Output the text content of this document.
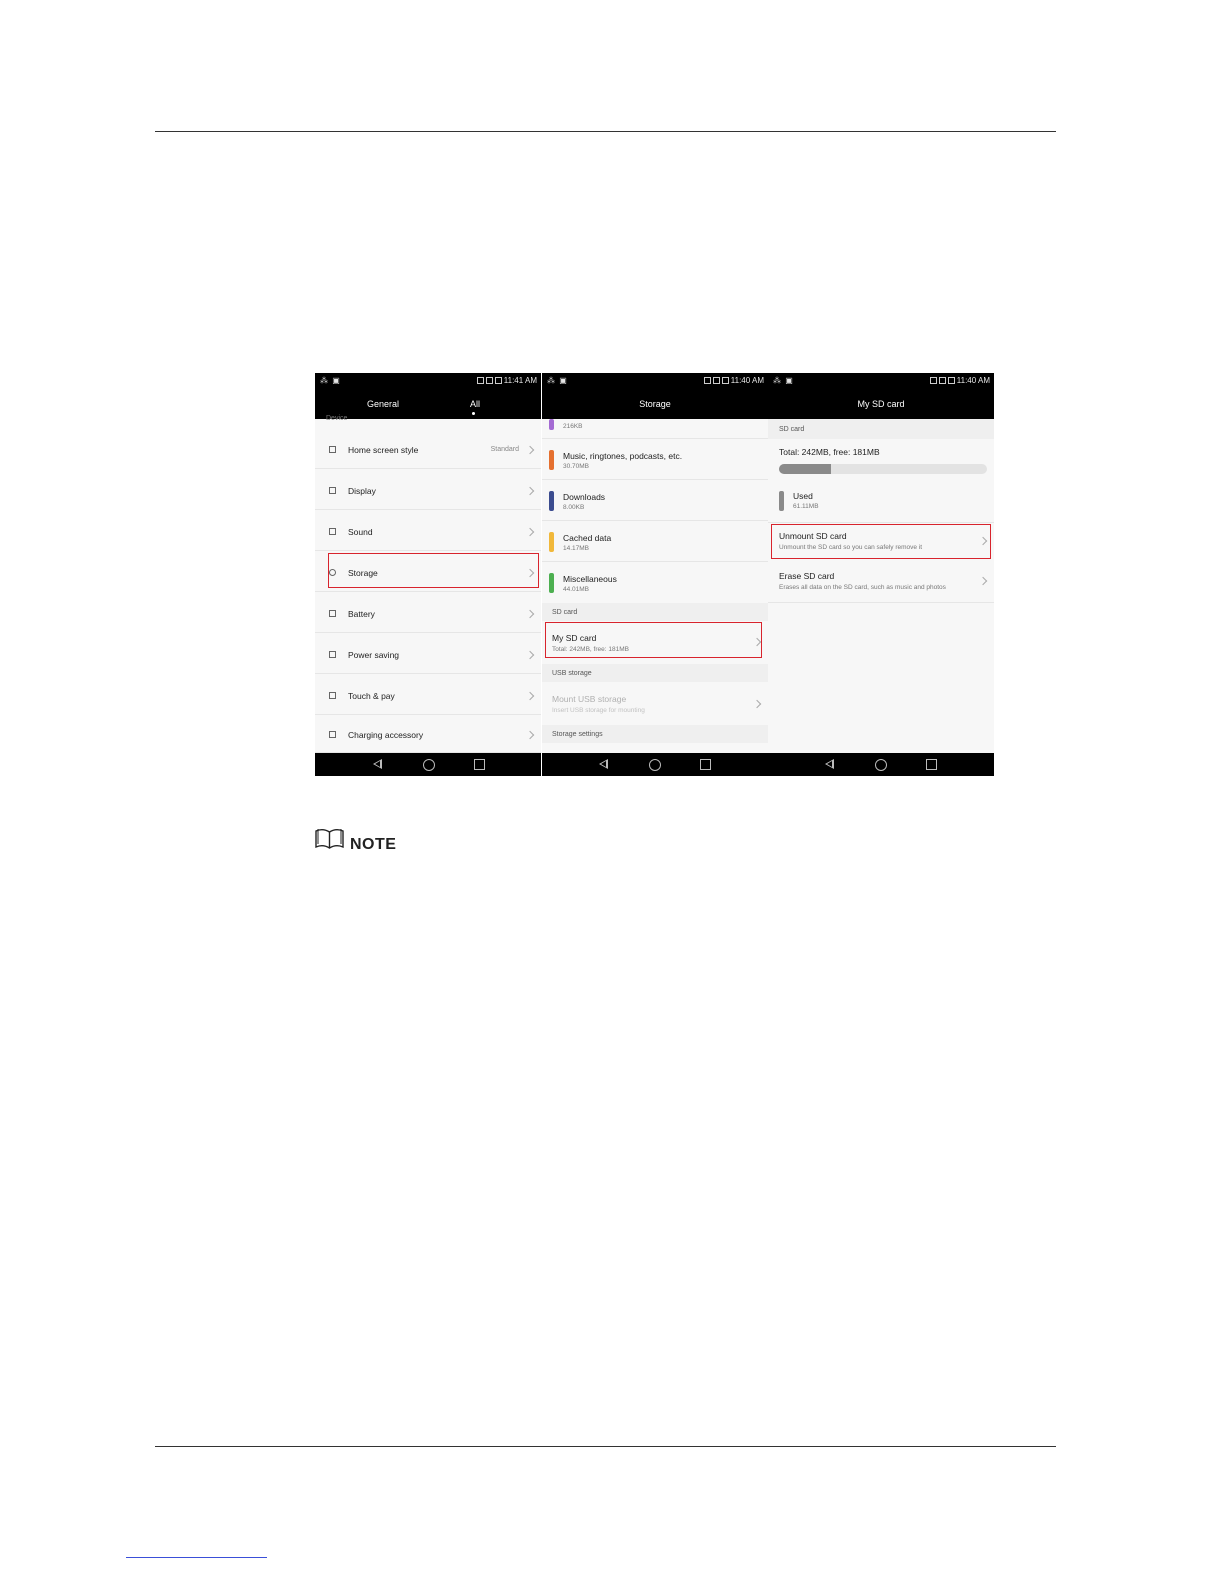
⁂ ▣	11:41 AM
General	All
Device
Home screen style	Standard
Display
Sound
Storage
Battery
Power saving
Touch & pay
Charging accessory
⁂ ▣	11:40 AM
Storage
216KB
Music, ringtones, podcasts, etc.
30.70MB
Downloads
8.00KB
Cached data
14.17MB
Miscellaneous
44.01MB
SD card
My SD card
Total: 242MB, free: 181MB
USB storage
Mount USB storage
Insert USB storage for mounting
Storage settings
⁂ ▣	11:40 AM
My SD card
SD card
Total: 242MB, free: 181MB
Used
61.11MB
Unmount SD card
Unmount the SD card so you can safely remove it
Erase SD card
Erases all data on the SD card, such as music and photos
NOTE
